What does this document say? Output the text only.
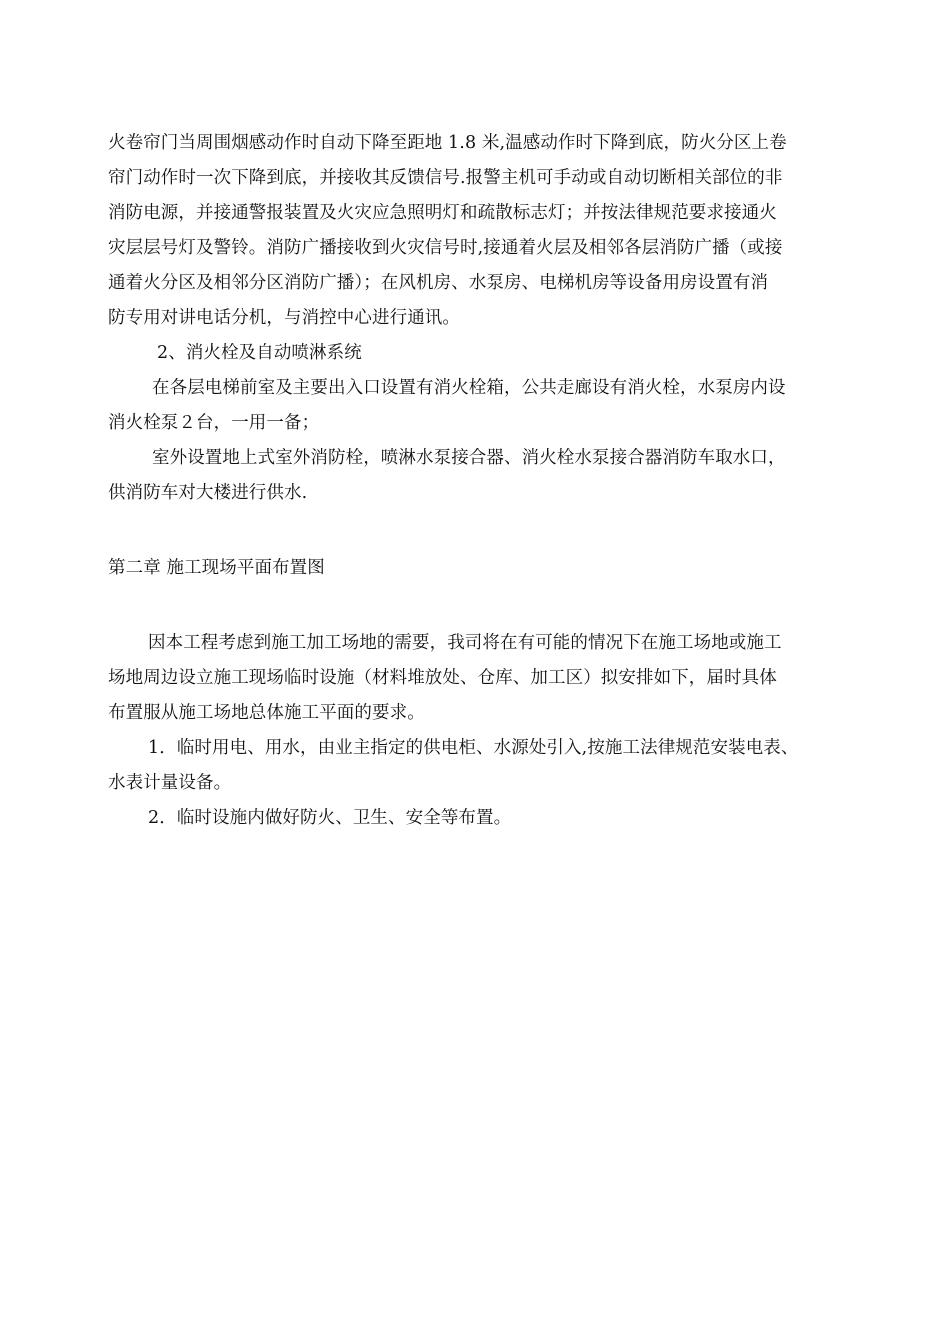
火卷帘门当周围烟感动作时自动下降至距地 1.8 米,温感动作时下降到底，防火分区上卷
帘门动作时一次下降到底，并接收其反馈信号.报警主机可手动或自动切断相关部位的非
消防电源，并接通警报装置及火灾应急照明灯和疏散标志灯；并按法律规范要求接通火
灾层层号灯及警铃。消防广播接收到火灾信号时,接通着火层及相邻各层消防广播（或接
通着火分区及相邻分区消防广播）；在风机房、水泵房、电梯机房等设备用房设置有消
防专用对讲电话分机，与消控中心进行通讯。
2、消火栓及自动喷淋系统
在各层电梯前室及主要出入口设置有消火栓箱，公共走廊设有消火栓，水泵房内设
消火栓泵２台，一用一备；
室外设置地上式室外消防栓，喷淋水泵接合器、消火栓水泵接合器消防车取水口，
供消防车对大楼进行供水.
第二章 施工现场平面布置图
因本工程考虑到施工加工场地的需要，我司将在有可能的情况下在施工场地或施工
场地周边设立施工现场临时设施（材料堆放处、仓库、加工区）拟安排如下，届时具体
布置服从施工场地总体施工平面的要求。
1．临时用电、用水，由业主指定的供电柜、水源处引入,按施工法律规范安装电表、
水表计量设备。
2．临时设施内做好防火、卫生、安全等布置。
